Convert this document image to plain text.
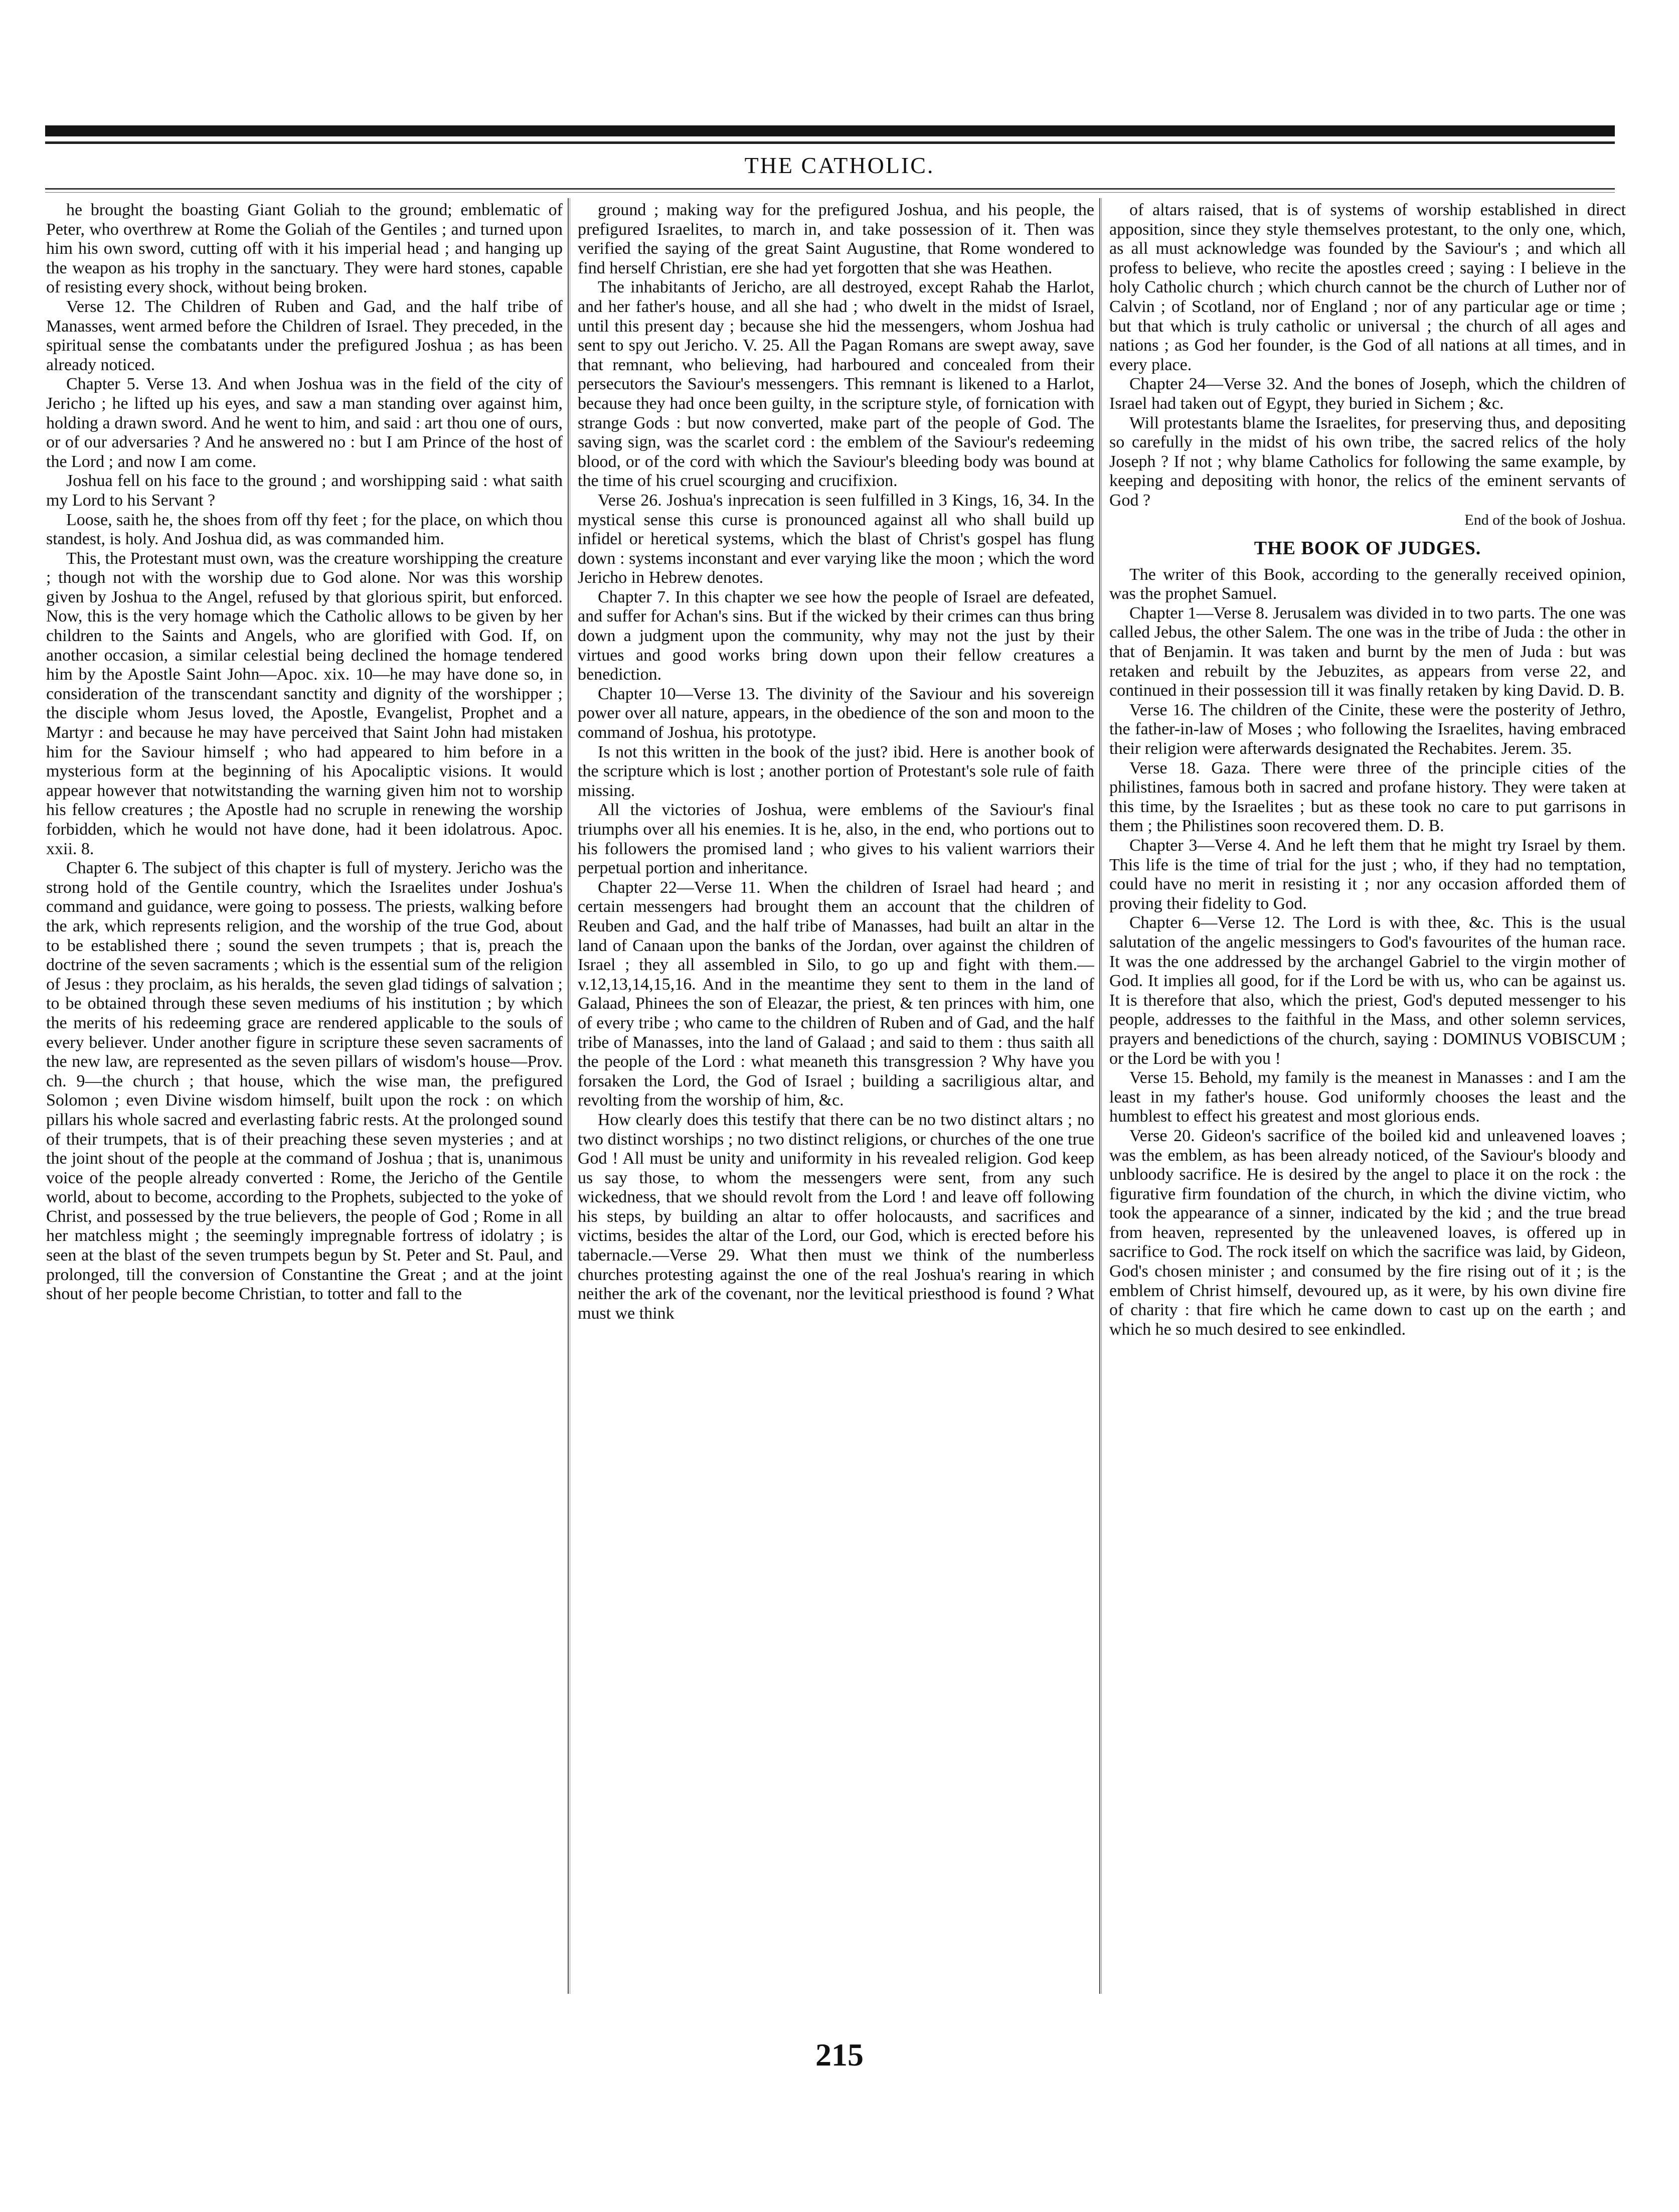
THE CATHOLIC.

he brought the boasting Giant Goliah to the ground; emblematic of Peter, who overthrew at Rome the Goliah of the Gentiles ; and turned upon him his own sword, cutting off with it his imperial head ; and hanging up the weapon as his trophy in the sanctuary. They were hard stones, capable of resisting every shock, without being broken.

Verse 12. The Children of Ruben and Gad, and the half tribe of Manasses, went armed before the Children of Israel. They preceded, in the spiritual sense the combatants under the prefigured Joshua ; as has been already noticed.

Chapter 5. Verse 13. And when Joshua was in the field of the city of Jericho ; he lifted up his eyes, and saw a man standing over against him, holding a drawn sword. And he went to him, and said : art thou one of ours, or of our adversaries ? And he answered no : but I am Prince of the host of the Lord ; and now I am come.

Joshua fell on his face to the ground ; and worshipping said : what saith my Lord to his Servant ?

Loose, saith he, the shoes from off thy feet ; for the place, on which thou standest, is holy. And Joshua did, as was commanded him.

This, the Protestant must own, was the creature worshipping the creature ; though not with the worship due to God alone. Nor was this worship given by Joshua to the Angel, refused by that glorious spirit, but enforced. Now, this is the very homage which the Catholic allows to be given by her children to the Saints and Angels, who are glorified with God. If, on another occasion, a similar celestial being declined the homage tendered him by the Apostle Saint John—Apoc. xix. 10—he may have done so, in consideration of the transcendant sanctity and dignity of the worshipper ; the disciple whom Jesus loved, the Apostle, Evangelist, Prophet and a Martyr : and because he may have perceived that Saint John had mistaken him for the Saviour himself ; who had appeared to him before in a mysterious form at the beginning of his Apocaliptic visions. It would appear however that notwitstanding the warning given him not to worship his fellow creatures ; the Apostle had no scruple in renewing the worship forbidden, which he would not have done, had it been idolatrous. Apoc. xxii. 8.

Chapter 6. The subject of this chapter is full of mystery. Jericho was the strong hold of the Gentile country, which the Israelites under Joshua's command and guidance, were going to possess. The priests, walking before the ark, which represents religion, and the worship of the true God, about to be established there ; sound the seven trumpets ; that is, preach the doctrine of the seven sacraments ; which is the essential sum of the religion of Jesus : they proclaim, as his heralds, the seven glad tidings of salvation ; to be obtained through these seven mediums of his institution ; by which the merits of his redeeming grace are rendered applicable to the souls of every believer. Under another figure in scripture these seven sacraments of the new law, are represented as the seven pillars of wisdom's house—Prov. ch. 9—the church ; that house, which the wise man, the prefigured Solomon ; even Divine wisdom himself, built upon the rock : on which pillars his whole sacred and everlasting fabric rests. At the prolonged sound of their trumpets, that is of their preaching these seven mysteries ; and at the joint shout of the people at the command of Joshua ; that is, unanimous voice of the people already converted : Rome, the Jericho of the Gentile world, about to become, according to the Prophets, subjected to the yoke of Christ, and possessed by the true believers, the people of God ; Rome in all her matchless might ; the seemingly impregnable fortress of idolatry ; is seen at the blast of the seven trumpets begun by St. Peter and St. Paul, and prolonged, till the conversion of Constantine the Great ; and at the joint shout of her people become Christian, to totter and fall to the

ground ; making way for the prefigured Joshua, and his people, the prefigured Israelites, to march in, and take possession of it. Then was verified the saying of the great Saint Augustine, that Rome wondered to find herself Christian, ere she had yet forgotten that she was Heathen.

The inhabitants of Jericho, are all destroyed, except Rahab the Harlot, and her father's house, and all she had ; who dwelt in the midst of Israel, until this present day ; because she hid the messengers, whom Joshua had sent to spy out Jericho. V. 25. All the Pagan Romans are swept away, save that remnant, who believing, had harboured and concealed from their persecutors the Saviour's messengers. This remnant is likened to a Harlot, because they had once been guilty, in the scripture style, of fornication with strange Gods : but now converted, make part of the people of God. The saving sign, was the scarlet cord : the emblem of the Saviour's redeeming blood, or of the cord with which the Saviour's bleeding body was bound at the time of his cruel scourging and crucifixion.

Verse 26. Joshua's inprecation is seen fulfilled in 3 Kings, 16, 34. In the mystical sense this curse is pronounced against all who shall build up infidel or heretical systems, which the blast of Christ's gospel has flung down : systems inconstant and ever varying like the moon ; which the word Jericho in Hebrew denotes.

Chapter 7. In this chapter we see how the people of Israel are defeated, and suffer for Achan's sins. But if the wicked by their crimes can thus bring down a judgment upon the community, why may not the just by their virtues and good works bring down upon their fellow creatures a benediction.

Chapter 10—Verse 13. The divinity of the Saviour and his sovereign power over all nature, appears, in the obedience of the son and moon to the command of Joshua, his prototype.

Is not this written in the book of the just? ibid. Here is another book of the scripture which is lost ; another portion of Protestant's sole rule of faith missing.

All the victories of Joshua, were emblems of the Saviour's final triumphs over all his enemies. It is he, also, in the end, who portions out to his followers the promised land ; who gives to his valient warriors their perpetual portion and inheritance.

Chapter 22—Verse 11. When the children of Israel had heard ; and certain messengers had brought them an account that the children of Reuben and Gad, and the half tribe of Manasses, had built an altar in the land of Canaan upon the banks of the Jordan, over against the children of Israel ; they all assembled in Silo, to go up and fight with them.—v.12,13,14,15,16. And in the meantime they sent to them in the land of Galaad, Phinees the son of Eleazar, the priest, & ten princes with him, one of every tribe ; who came to the children of Ruben and of Gad, and the half tribe of Manasses, into the land of Galaad ; and said to them : thus saith all the people of the Lord : what meaneth this transgression ? Why have you forsaken the Lord, the God of Israel ; building a sacriligious altar, and revolting from the worship of him, &c.

How clearly does this testify that there can be no two distinct altars ; no two distinct worships ; no two distinct religions, or churches of the one true God ! All must be unity and uniformity in his revealed religion. God keep us say those, to whom the messengers were sent, from any such wickedness, that we should revolt from the Lord ! and leave off following his steps, by building an altar to offer holocausts, and sacrifices and victims, besides the altar of the Lord, our God, which is erected before his tabernacle.—Verse 29. What then must we think of the numberless churches protesting against the one of the real Joshua's rearing in which neither the ark of the covenant, nor the levitical priesthood is found ? What must we think

of altars raised, that is of systems of worship established in direct apposition, since they style themselves protestant, to the only one, which, as all must acknowledge was founded by the Saviour's ; and which all profess to believe, who recite the apostles creed ; saying : I believe in the holy Catholic church ; which church cannot be the church of Luther nor of Calvin ; of Scotland, nor of England ; nor of any particular age or time ; but that which is truly catholic or universal ; the church of all ages and nations ; as God her founder, is the God of all nations at all times, and in every place.

Chapter 24—Verse 32. And the bones of Joseph, which the children of Israel had taken out of Egypt, they buried in Sichem ; &c.

Will protestants blame the Israelites, for preserving thus, and depositing so carefully in the midst of his own tribe, the sacred relics of the holy Joseph ? If not ; why blame Catholics for following the same example, by keeping and depositing with honor, the relics of the eminent servants of God ?

End of the book of Joshua.

THE BOOK OF JUDGES.

The writer of this Book, according to the generally received opinion, was the prophet Samuel.

Chapter 1—Verse 8. Jerusalem was divided in to two parts. The one was called Jebus, the other Salem. The one was in the tribe of Juda : the other in that of Benjamin. It was taken and burnt by the men of Juda : but was retaken and rebuilt by the Jebuzites, as appears from verse 22, and continued in their possession till it was finally retaken by king David. D. B.

Verse 16. The children of the Cinite, these were the posterity of Jethro, the father-in-law of Moses ; who following the Israelites, having embraced their religion were afterwards designated the Rechabites. Jerem. 35.

Verse 18. Gaza. There were three of the principle cities of the philistines, famous both in sacred and profane history. They were taken at this time, by the Israelites ; but as these took no care to put garrisons in them ; the Philistines soon recovered them. D. B.

Chapter 3—Verse 4. And he left them that he might try Israel by them. This life is the time of trial for the just ; who, if they had no temptation, could have no merit in resisting it ; nor any occasion afforded them of proving their fidelity to God.

Chapter 6—Verse 12. The Lord is with thee, &c. This is the usual salutation of the angelic messingers to God's favourites of the human race. It was the one addressed by the archangel Gabriel to the virgin mother of God. It implies all good, for if the Lord be with us, who can be against us. It is therefore that also, which the priest, God's deputed messenger to his people, addresses to the faithful in the Mass, and other solemn services, prayers and benedictions of the church, saying : DOMINUS VOBISCUM ; or the Lord be with you !

Verse 15. Behold, my family is the meanest in Manasses : and I am the least in my father's house. God uniformly chooses the least and the humblest to effect his greatest and most glorious ends.

Verse 20. Gideon's sacrifice of the boiled kid and unleavened loaves ; was the emblem, as has been already noticed, of the Saviour's bloody and unbloody sacrifice. He is desired by the angel to place it on the rock : the figurative firm foundation of the church, in which the divine victim, who took the appearance of a sinner, indicated by the kid ; and the true bread from heaven, represented by the unleavened loaves, is offered up in sacrifice to God. The rock itself on which the sacrifice was laid, by Gideon, God's chosen minister ; and consumed by the fire rising out of it ; is the emblem of Christ himself, devoured up, as it were, by his own divine fire of charity : that fire which he came down to cast up on the earth ; and which he so much desired to see enkindled.

215
